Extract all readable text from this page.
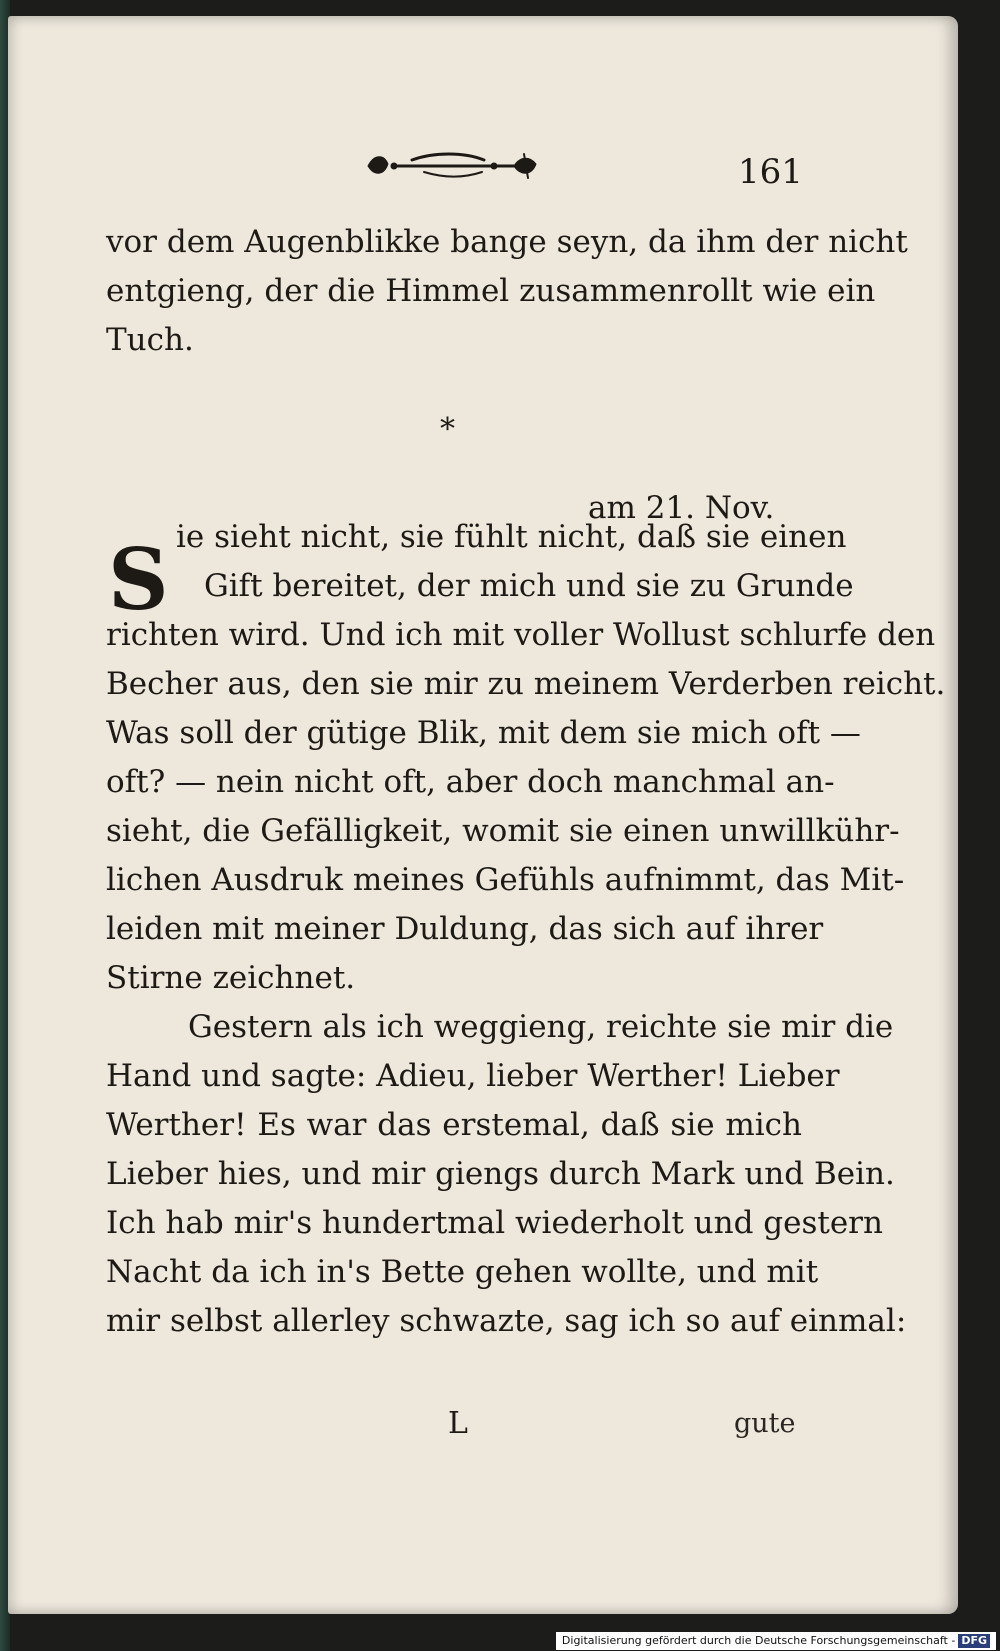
161
vor dem Augenblikke bange seyn, da ihm der nicht
entgieng, der die Himmel zusammenrollt wie ein
Tuch.
*
am 21. Nov.
S ie sieht nicht, sie fühlt nicht, daß sie einen
Gift bereitet, der mich und sie zu Grunde
richten wird. Und ich mit voller Wollust schlurfe den
Becher aus, den sie mir zu meinem Verderben reicht.
Was soll der gütige Blik, mit dem sie mich oft —
oft? — nein nicht oft, aber doch manchmal an-
sieht, die Gefälligkeit, womit sie einen unwillkühr-
lichen Ausdruk meines Gefühls aufnimmt, das Mit-
leiden mit meiner Duldung, das sich auf ihrer
Stirne zeichnet.
Gestern als ich weggieng, reichte sie mir die
Hand und sagte: Adieu, lieber Werther! Lieber
Werther! Es war das erstemal, daß sie mich
Lieber hies, und mir giengs durch Mark und Bein.
Ich hab mir's hundertmal wiederholt und gestern
Nacht da ich in's Bette gehen wollte, und mit
mir selbst allerley schwazte, sag ich so auf einmal:
L	gute
Digitalisierung gefördert durch die Deutsche Forschungsgemeinschaft - DFG
